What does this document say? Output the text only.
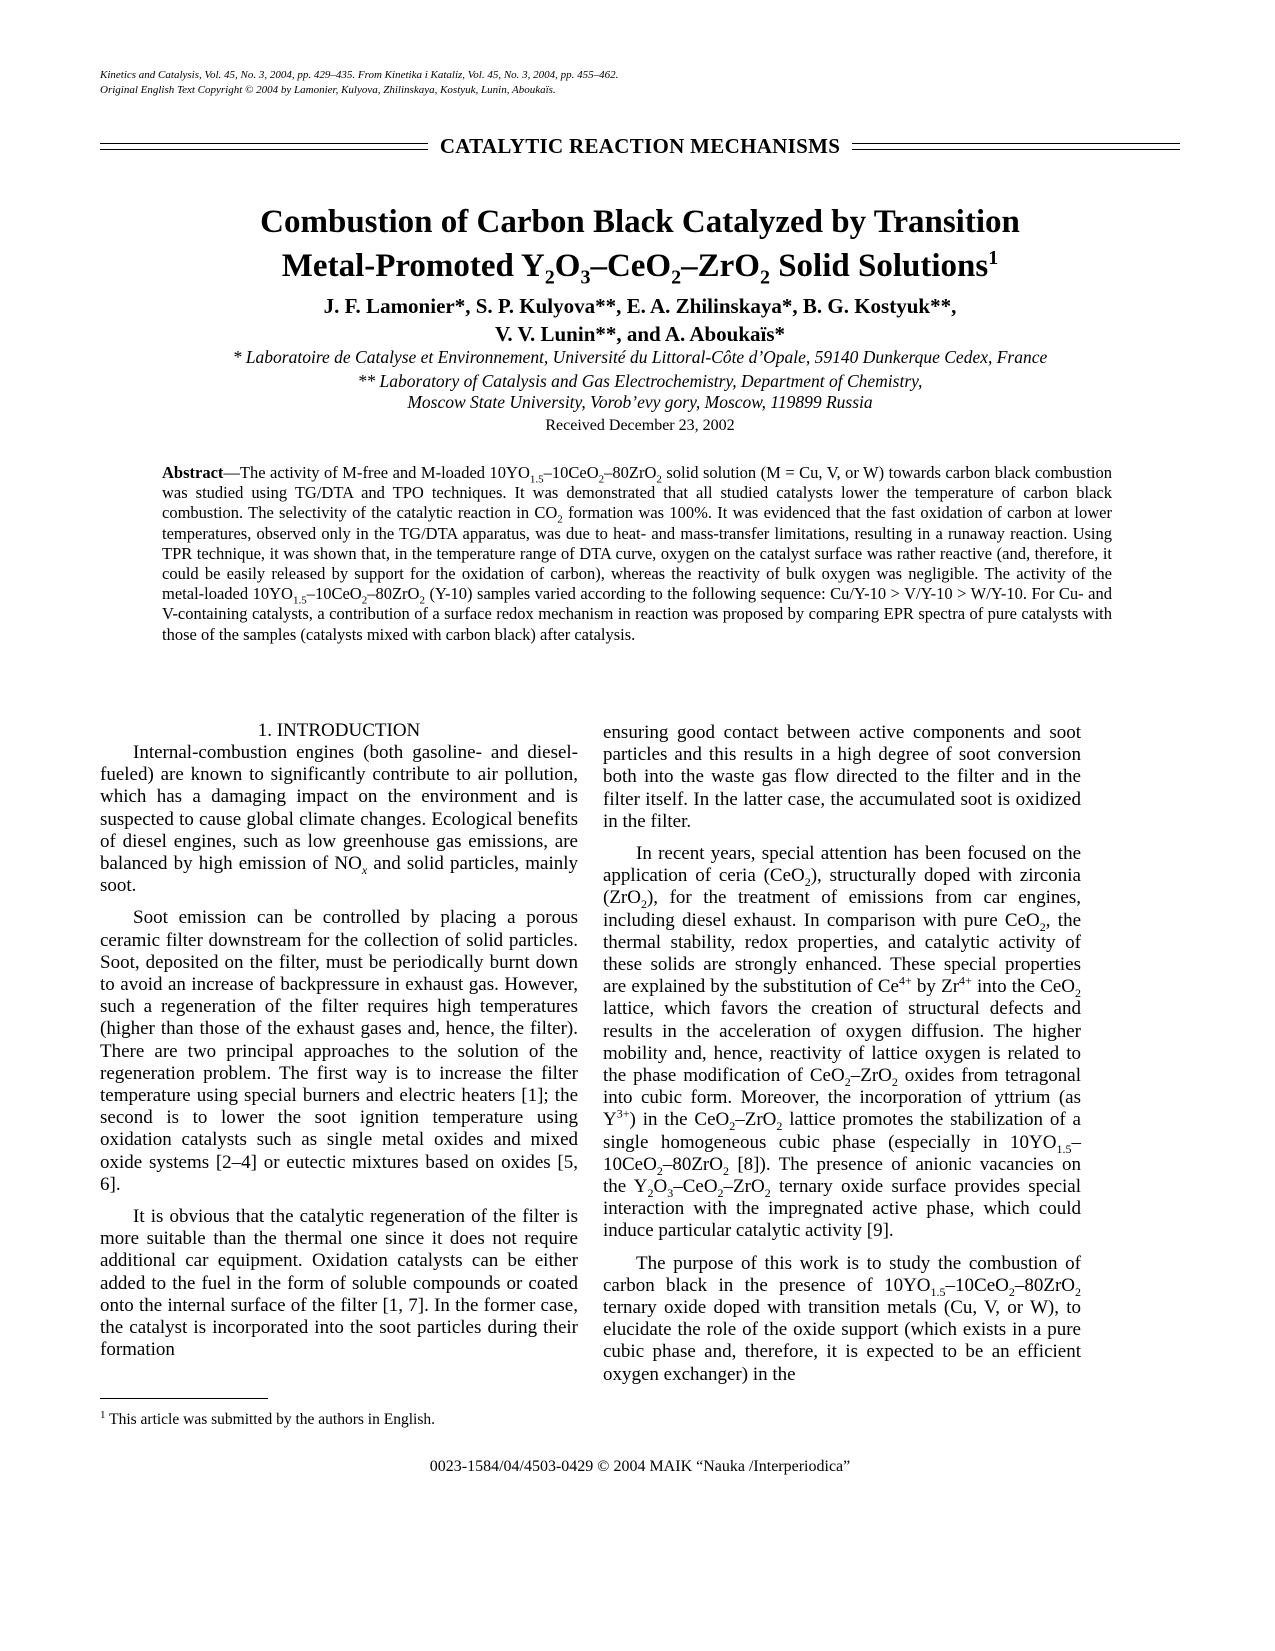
Kinetics and Catalysis, Vol. 45, No. 3, 2004, pp. 429–435. From Kinetika i Kataliz, Vol. 45, No. 3, 2004, pp. 455–462.
Original English Text Copyright © 2004 by Lamonier, Kulyova, Zhilinskaya, Kostyuk, Lunin, Aboukaïs.
CATALYTIC REACTION MECHANISMS
Combustion of Carbon Black Catalyzed by Transition
Metal-Promoted $Y_2O_3-CeO_2-ZrO_2$ Solid Solutions$^1$
J. F. Lamonier*, S. P. Kulyova**, E. A. Zhilinskaya*, B. G. Kostyuk**,
V. V. Lunin**, and A. Aboukaïs*
* Laboratoire de Catalyse et Environnement, Université du Littoral-Côte d’Opale, 59140 Dunkerque Cedex, France
** Laboratory of Catalysis and Gas Electrochemistry, Department of Chemistry,
Moscow State University, Vorob’evy gory, Moscow, 119899 Russia
Received December 23, 2002
Abstract—The activity of M-free and M-loaded $10YO_{1.5}-10CeO_2-80ZrO_2$ solid solution (M = Cu, V, or W) towards carbon black combustion was studied using TG/DTA and TPO techniques. It was demonstrated that all studied catalysts lower the temperature of carbon black combustion. The selectivity of the catalytic reaction in $CO_2$ formation was 100%. It was evidenced that the fast oxidation of carbon at lower temperatures, observed only in the TG/DTA apparatus, was due to heat- and mass-transfer limitations, resulting in a runaway reaction. Using TPR technique, it was shown that, in the temperature range of DTA curve, oxygen on the catalyst surface was rather reactive (and, therefore, it could be easily released by support for the oxidation of carbon), whereas the reactivity of bulk oxygen was negligible. The activity of the metal-loaded $10YO_{1.5}-10CeO_2-80ZrO_2$ (Y-10) samples varied according to the following sequence: Cu/Y-10 > V/Y-10 > W/Y-10. For Cu- and V-containing catalysts, a contribution of a surface redox mechanism in reaction was proposed by comparing EPR spectra of pure catalysts with those of the samples (catalysts mixed with carbon black) after catalysis.
1. INTRODUCTION

Internal-combustion engines (both gasoline- and diesel-fueled) are known to significantly contribute to air pollution, which has a damaging impact on the environment and is suspected to cause global climate changes. Ecological benefits of diesel engines, such as low greenhouse gas emissions, are balanced by high emission of $NO_x$ and solid particles, mainly soot.

Soot emission can be controlled by placing a porous ceramic filter downstream for the collection of solid particles. Soot, deposited on the filter, must be periodically burnt down to avoid an increase of backpressure in exhaust gas. However, such a regeneration of the filter requires high temperatures (higher than those of the exhaust gases and, hence, the filter). There are two principal approaches to the solution of the regeneration problem. The first way is to increase the filter temperature using special burners and electric heaters [1]; the second is to lower the soot ignition temperature using oxidation catalysts such as single metal oxides and mixed oxide systems [2–4] or eutectic mixtures based on oxides [5, 6].

It is obvious that the catalytic regeneration of the filter is more suitable than the thermal one since it does not require additional car equipment. Oxidation catalysts can be either added to the fuel in the form of soluble compounds or coated onto the internal surface of the filter [1, 7]. In the former case, the catalyst is incorporated into the soot particles during their formation

ensuring good contact between active components and soot particles and this results in a high degree of soot conversion both into the waste gas flow directed to the filter and in the filter itself. In the latter case, the accumulated soot is oxidized in the filter.

In recent years, special attention has been focused on the application of ceria (CeO$_2$), structurally doped with zirconia (ZrO$_2$), for the treatment of emissions from car engines, including diesel exhaust. In comparison with pure CeO$_2$, the thermal stability, redox properties, and catalytic activity of these solids are strongly enhanced. These special properties are explained by the substitution of $Ce^{4+}$ by $Zr^{4+}$ into the CeO$_2$ lattice, which favors the creation of structural defects and results in the acceleration of oxygen diffusion. The higher mobility and, hence, reactivity of lattice oxygen is related to the phase modification of CeO$_2$–ZrO$_2$ oxides from tetragonal into cubic form. Moreover, the incorporation of yttrium (as $Y^{3+}$) in the CeO$_2$–ZrO$_2$ lattice promotes the stabilization of a single homogeneous cubic phase (especially in $10YO_{1.5}-10CeO_2-80ZrO_2$ [8]). The presence of anionic vacancies on the $Y_2O_3-CeO_2-ZrO_2$ ternary oxide surface provides special interaction with the impregnated active phase, which could induce particular catalytic activity [9].

The purpose of this work is to study the combustion of carbon black in the presence of $10YO_{1.5}-10CeO_2-80ZrO_2$ ternary oxide doped with transition metals (Cu, V, or W), to elucidate the role of the oxide support (which exists in a pure cubic phase and, therefore, it is expected to be an efficient oxygen exchanger) in the

$^1$ This article was submitted by the authors in English.
0023-1584/04/4503-0429 © 2004 MAIK “Nauka /Interperiodica”
